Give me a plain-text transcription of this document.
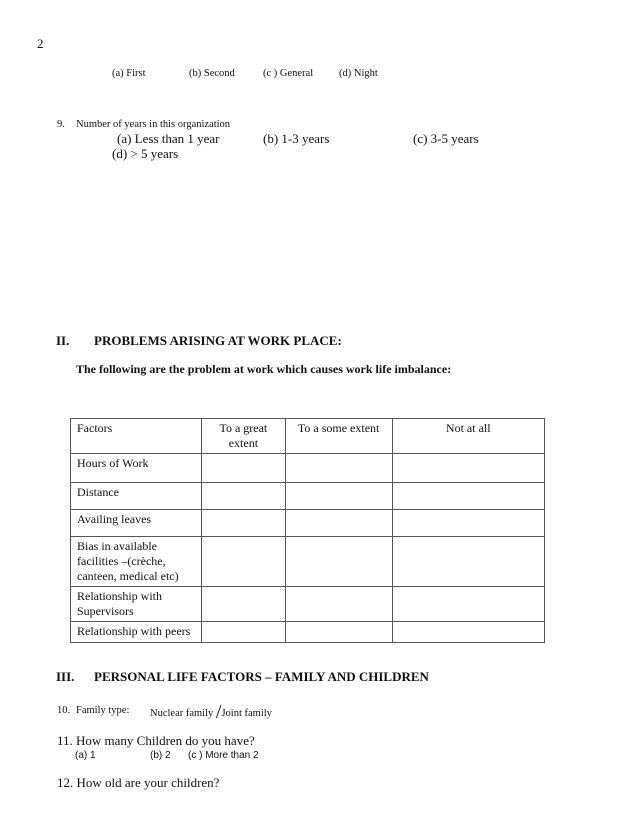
2
(a) First	(b) Second	(c ) General (d) Night
9. Number of years in this organization
(a) Less than 1 year	(b) 1-3 years	(c) 3-5 years
(d) > 5 years
II. PROBLEMS ARISING AT WORK PLACE:
The following are the problem at work which causes work life imbalance:
Factors	To a great extent	To a some extent	Not at all
Hours of Work			
Distance			
Availing leaves			
Bias in available facilities –(crèche, canteen, medical etc)			
Relationship with Supervisors			
Relationship with peers			
III. PERSONAL LIFE FACTORS – FAMILY AND CHILDREN
10. Family type: Nuclear family /Joint family
11. How many Children do you have?
(a) 1	(b) 2 (c ) More than 2
12. How old are your children?
